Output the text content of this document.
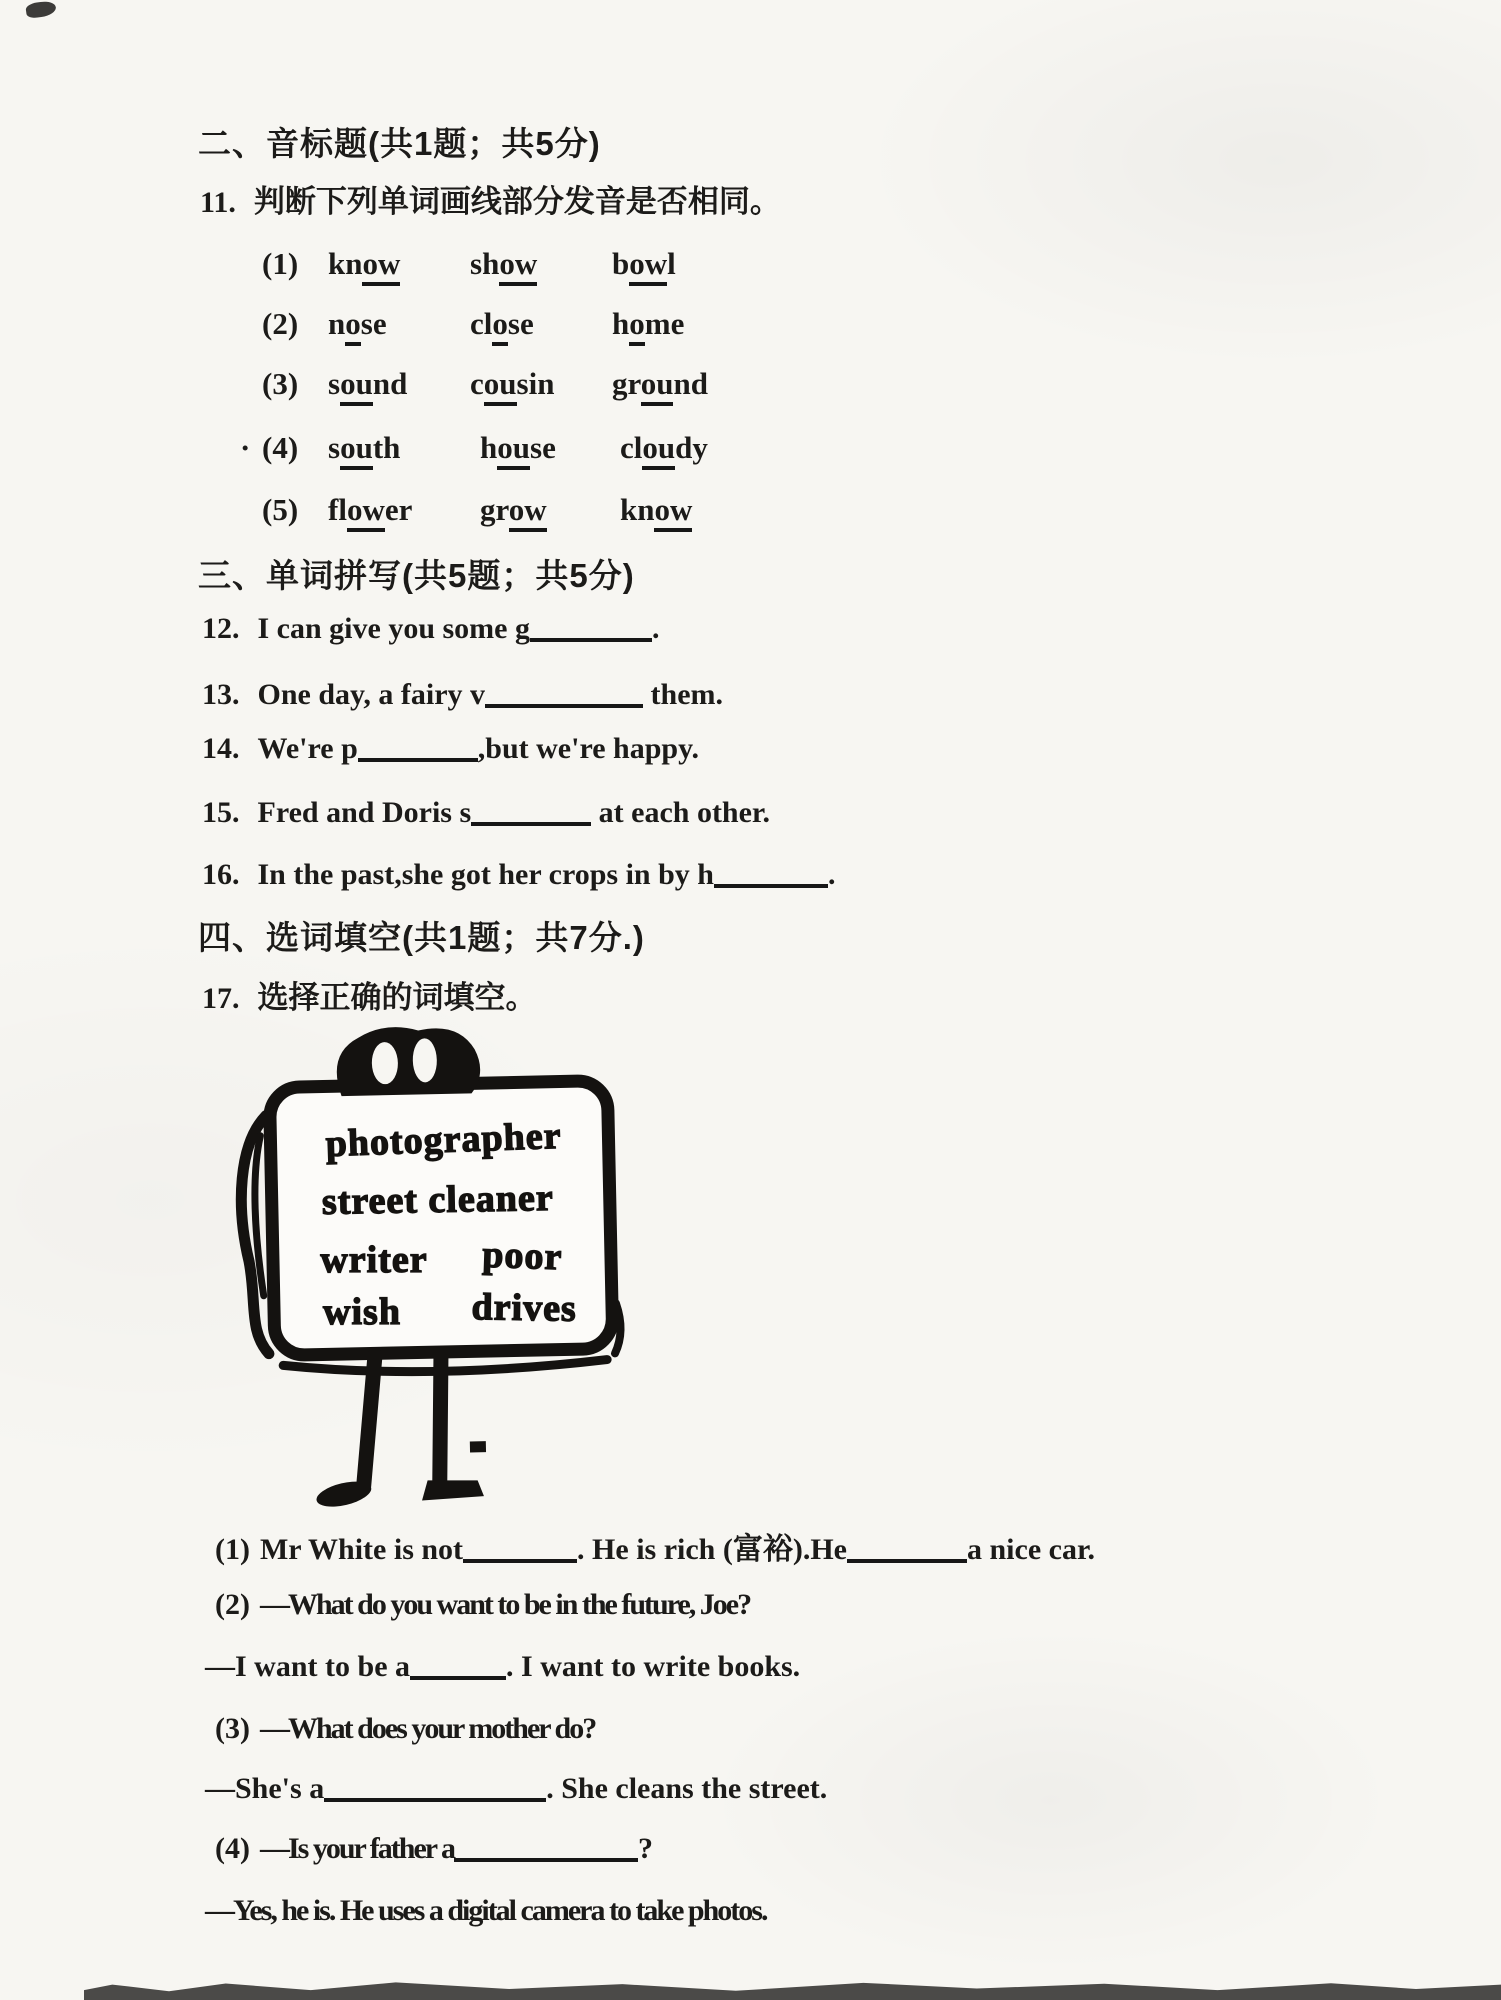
二、音标题(共1题；共5分)
11. 判断下列单词画线部分发音是否相同。
(1) know show bowl
(2) nose	close	home
(3) sound cousin ground
· (4) south	house cloudy
(5) flower grow know
三、单词拼写(共5题；共5分)
12. I can give you some g	.
13. One day, a fairy v	them.
14. We're p	,but we're happy.
15. Fred and Doris s	at each other.
16. In the past,she got her crops in by h	.
四、选词填空(共1题；共7分.)
17. 选择正确的词填空。
photographer
street cleaner
writer poor
wish drives
(1) Mr White is not	. He is rich (富裕).He	a nice car.
(2) —What do you want to be in the future, Joe?
—I want to be a	. I want to write books.
(3) —What does your mother do?
—She's a	. She cleans the street.
(4) —Is your father a	?
—Yes, he is. He uses a digital camera to take photos.
